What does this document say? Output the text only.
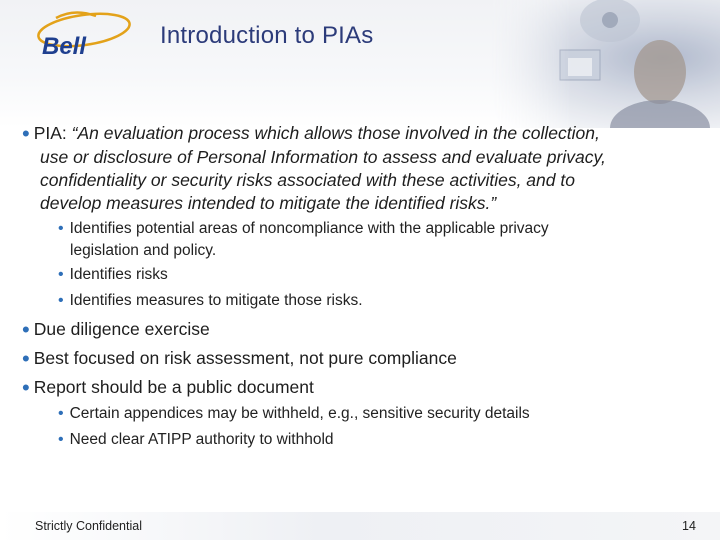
Bell	Introduction to PIAs
• PIA: “An evaluation process which allows those involved in the collection,
use or disclosure of Personal Information to assess and evaluate privacy,
confidentiality or security risks associated with these activities, and to
develop measures intended to mitigate the identified risks.”
• Identifies potential areas of noncompliance with the applicable privacy
legislation and policy.
• Identifies risks
• Identifies measures to mitigate those risks.
• Due diligence exercise
• Best focused on risk assessment, not pure compliance
• Report should be a public document
• Certain appendices may be withheld, e.g., sensitive security details
• Need clear ATIPP authority to withhold
Strictly Confidential	14
